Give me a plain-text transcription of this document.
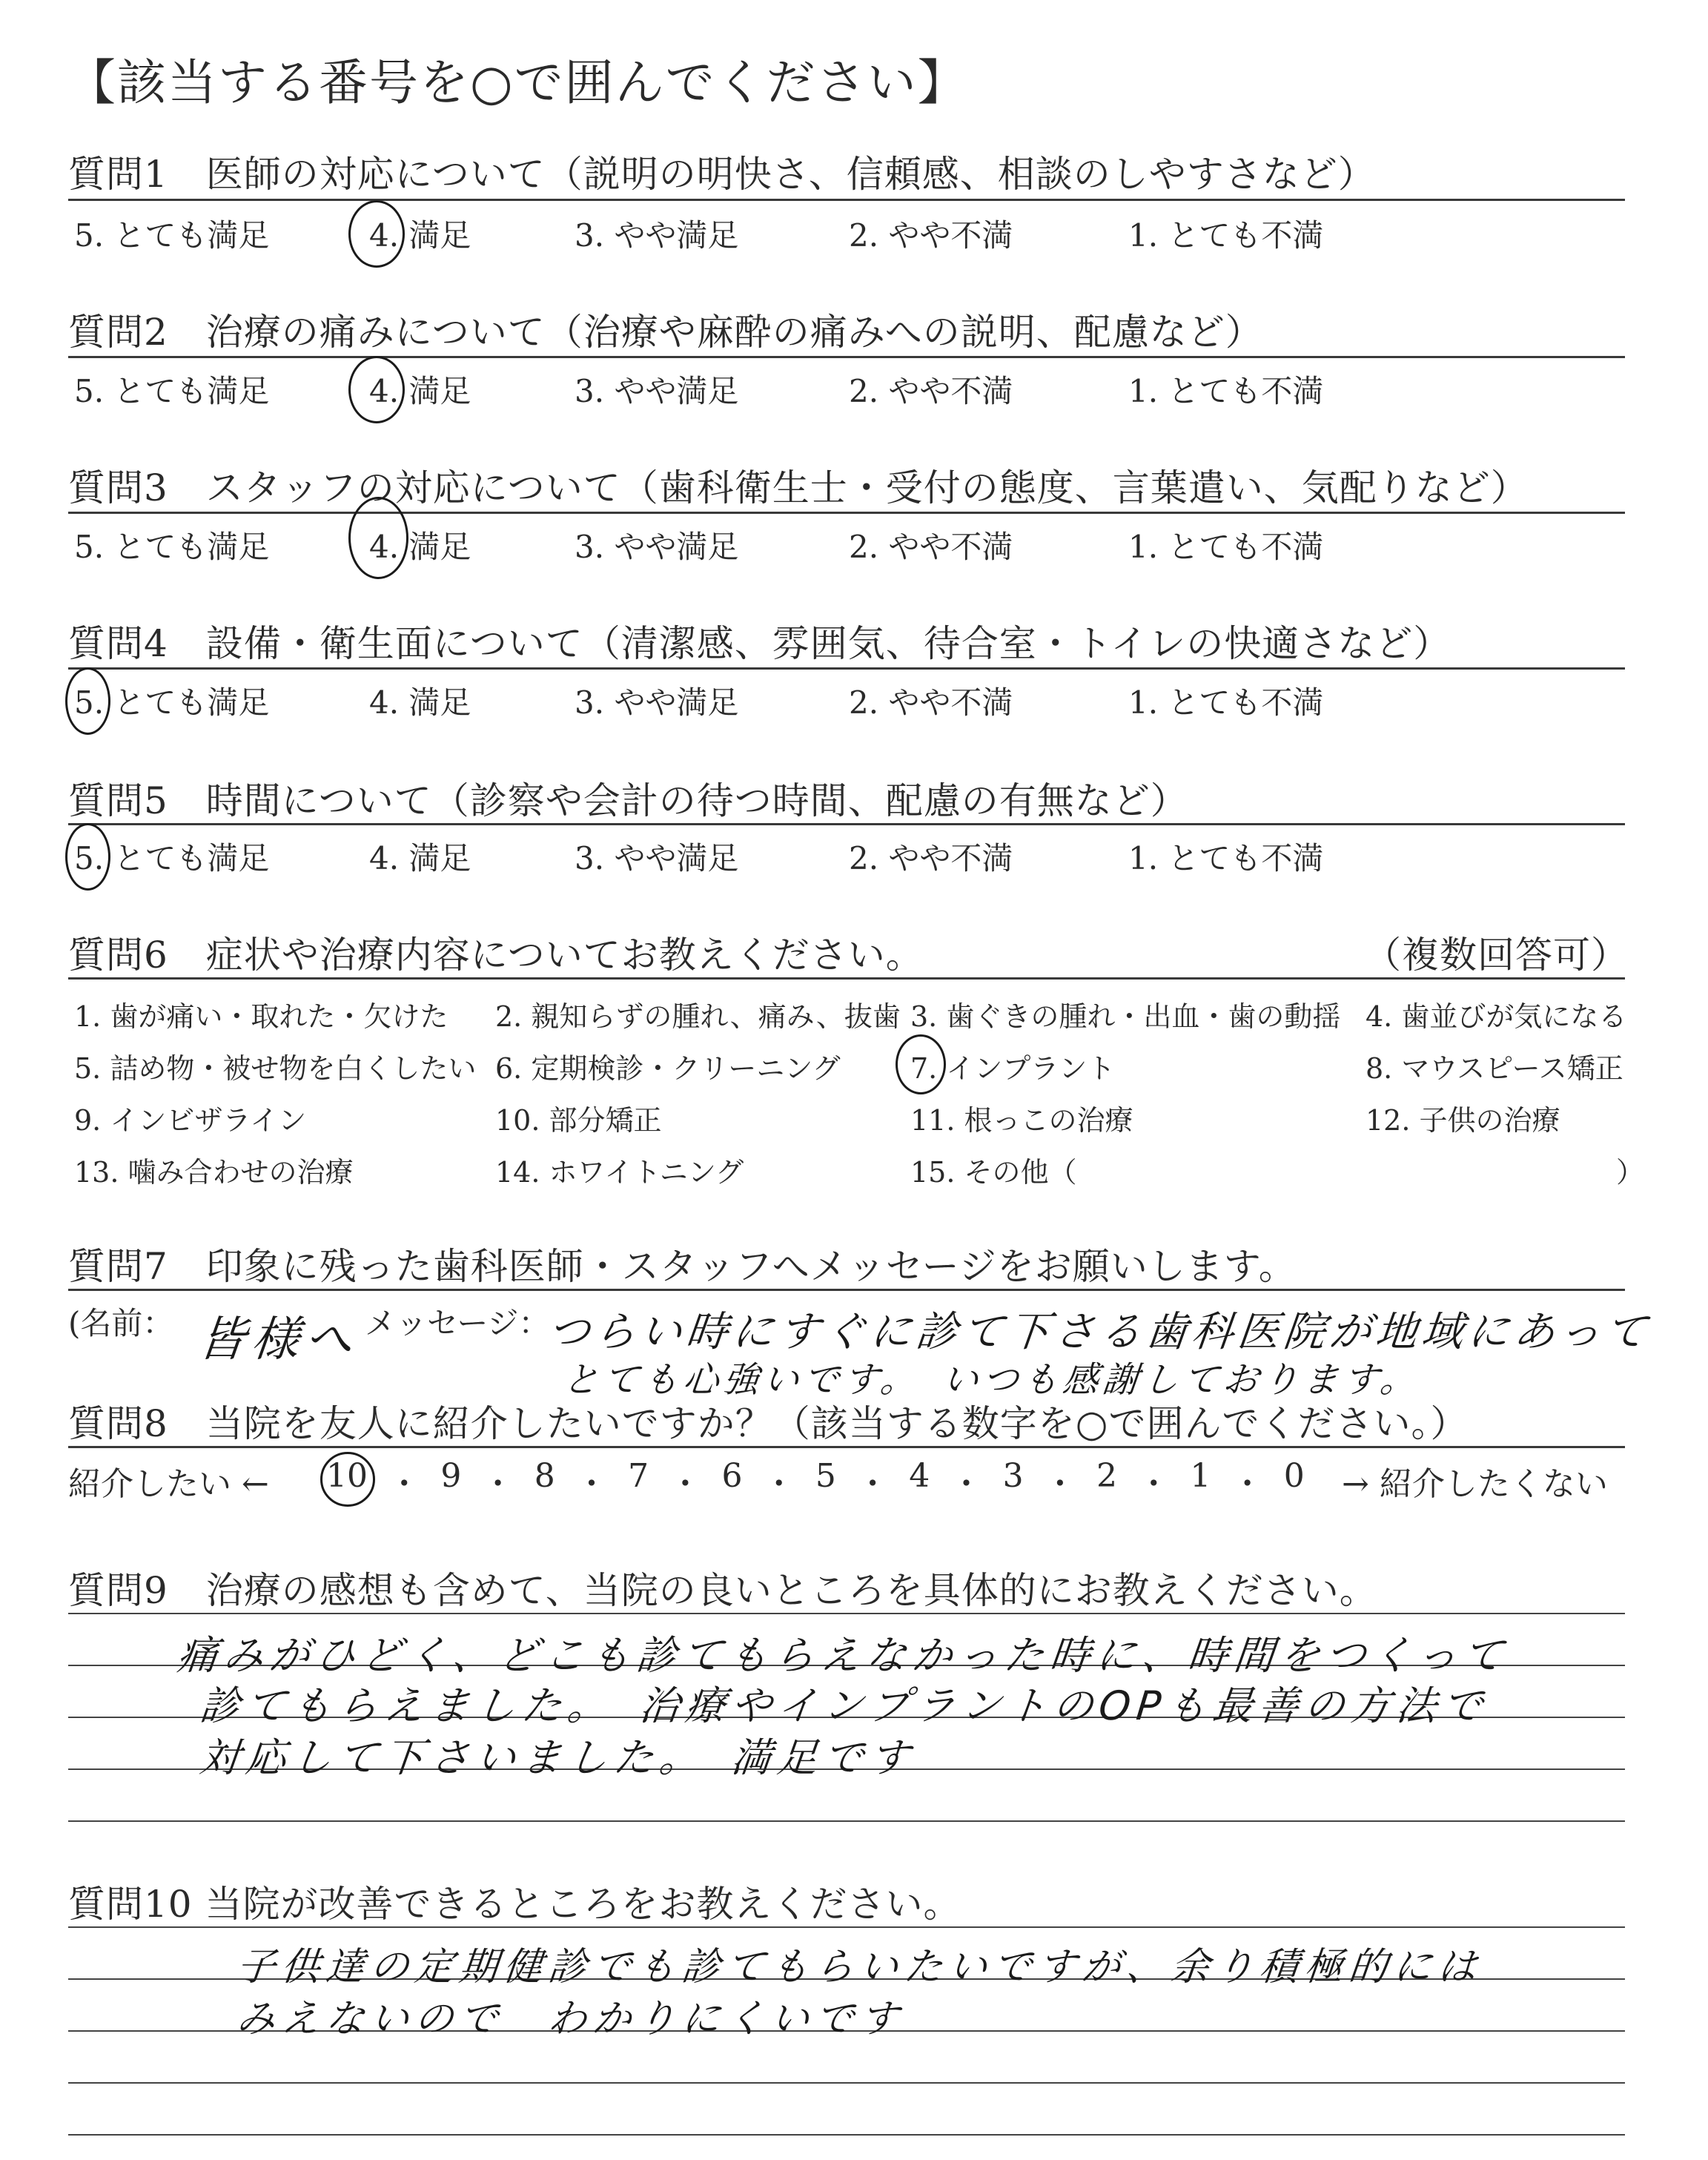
【該当する番号を○で囲んでください】
質問1　医師の対応について（説明の明快さ、信頼感、相談のしやすさなど）
5. とても満足	4. 満足	3. やや満足	2. やや不満	1. とても不満
質問2　治療の痛みについて（治療や麻酔の痛みへの説明、配慮など）
5. とても満足	4. 満足	3. やや満足	2. やや不満	1. とても不満
質問3　スタッフの対応について（歯科衛生士・受付の態度、言葉遣い、気配りなど）
5. とても満足	4. 満足	3. やや満足	2. やや不満	1. とても不満
質問4　設備・衛生面について（清潔感、雰囲気、待合室・トイレの快適さなど）
5. とても満足	4. 満足	3. やや満足	2. やや不満	1. とても不満
質問5　時間について（診察や会計の待つ時間、配慮の有無など）
5. とても満足	4. 満足	3. やや満足	2. やや不満	1. とても不満
質問6　症状や治療内容についてお教えください。	（複数回答可）
1. 歯が痛い・取れた・欠けた 2. 親知らずの腫れ、痛み、抜歯 3. 歯ぐきの腫れ・出血・歯の動揺 4. 歯並びが気になる
5. 詰め物・被せ物を白くしたい 6. 定期検診・クリーニング 7. インプラント	8. マウスピース矯正
9. インビザライン	10. 部分矯正	11. 根っこの治療	12. 子供の治療
13. 噛み合わせの治療	14. ホワイトニング	15. その他（	）
質問7　印象に残った歯科医師・スタッフへメッセージをお願いします。
(名前： 皆様へ メッセージ：
つらい時にすぐに診て下さる歯科医院が地域にあって
とても心強いです。　いつも感謝しております。
質問8　当院を友人に紹介したいですか？（該当する数字を○で囲んでください。）
紹介したい ←	→ 紹介したくない
10 ・ 9 ・ 8 ・ 7 ・ 6 ・ 5 ・ 4 ・ 3 ・ 2 ・ 1 ・ 0
質問9　治療の感想も含めて、当院の良いところを具体的にお教えください。
痛みがひどく、どこも診てもらえなかった時に、時間をつくって
診てもらえました。　治療やインプラントのOPも最善の方法で
対応して下さいました。　満足です
質問10 当院が改善できるところをお教えください。
子供達の定期健診でも診てもらいたいですが、余り積極的には
みえないので　わかりにくいです
